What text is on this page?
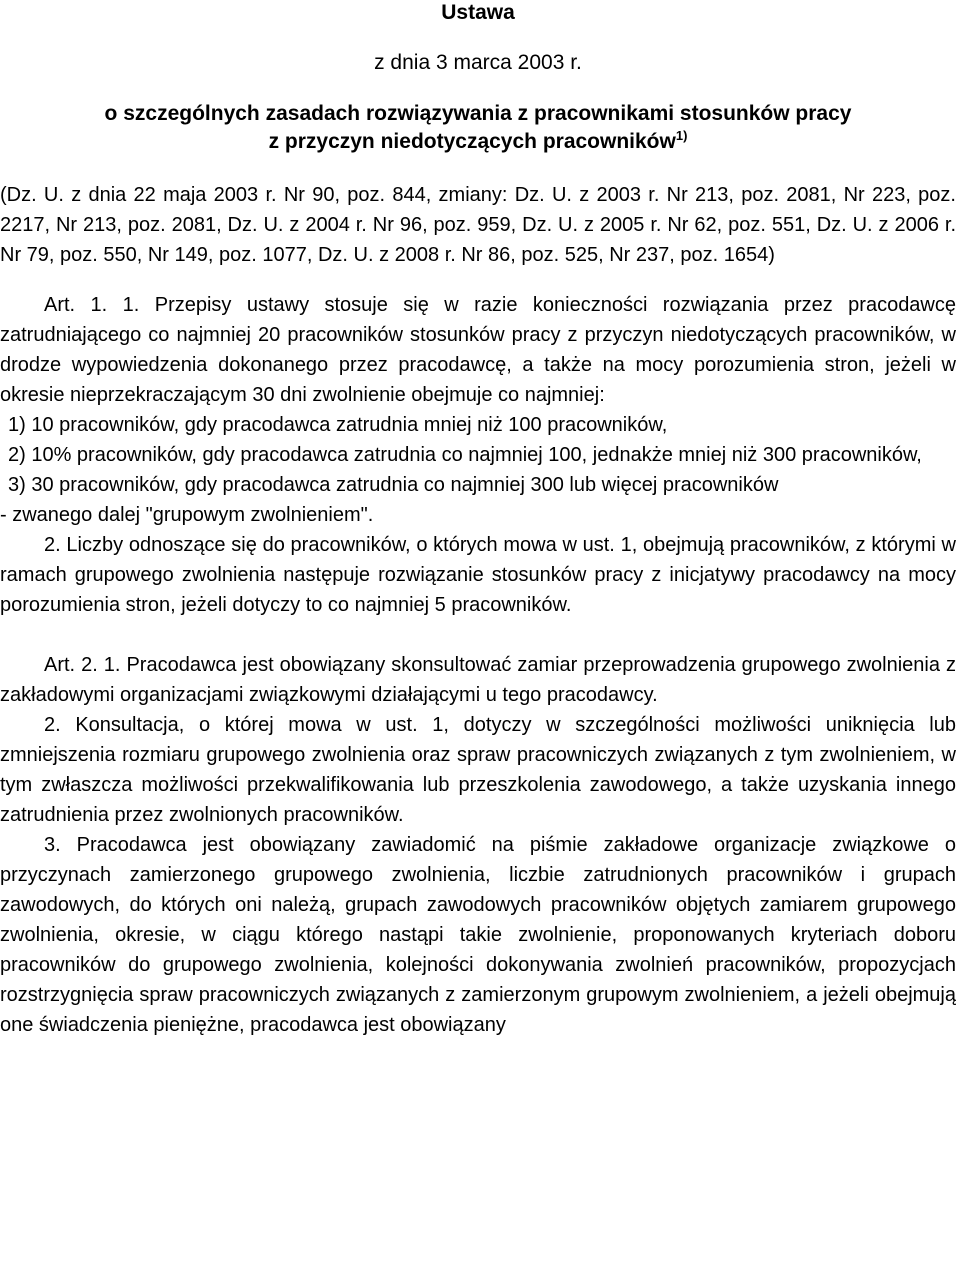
Ustawa
z dnia 3 marca 2003 r.
o szczególnych zasadach rozwiązywania z pracownikami stosunków pracy
z przyczyn niedotyczących pracowników$^{1)}$

(Dz. U. z dnia 22 maja 2003 r. Nr 90, poz. 844, zmiany: Dz. U. z 2003 r. Nr 213, poz. 2081, Nr 223, poz. 2217, Nr 213, poz. 2081, Dz. U. z 2004 r. Nr 96, poz. 959, Dz. U. z 2005 r. Nr 62, poz. 551, Dz. U. z 2006 r. Nr 79, poz. 550, Nr 149, poz. 1077, Dz. U. z 2008 r. Nr 86, poz. 525, Nr 237, poz. 1654)

Art. 1. 1. Przepisy ustawy stosuje się w razie konieczności rozwiązania przez pracodawcę zatrudniającego co najmniej 20 pracowników stosunków pracy z przyczyn niedotyczących pracowników, w drodze wypowiedzenia dokonanego przez pracodawcę, a także na mocy porozumienia stron, jeżeli w okresie nieprzekraczającym 30 dni zwolnienie obejmuje co najmniej:

1) 10 pracowników, gdy pracodawca zatrudnia mniej niż 100 pracowników,

2) 10% pracowników, gdy pracodawca zatrudnia co najmniej 100, jednakże mniej niż 300 pracowników,

3) 30 pracowników, gdy pracodawca zatrudnia co najmniej 300 lub więcej pracowników

- zwanego dalej "grupowym zwolnieniem".

2. Liczby odnoszące się do pracowników, o których mowa w ust. 1, obejmują pracowników, z którymi w ramach grupowego zwolnienia następuje rozwiązanie stosunków pracy z inicjatywy pracodawcy na mocy porozumienia stron, jeżeli dotyczy to co najmniej 5 pracowników.

Art. 2. 1. Pracodawca jest obowiązany skonsultować zamiar przeprowadzenia grupowego zwolnienia z zakładowymi organizacjami związkowymi działającymi u tego pracodawcy.

2. Konsultacja, o której mowa w ust. 1, dotyczy w szczególności możliwości uniknięcia lub zmniejszenia rozmiaru grupowego zwolnienia oraz spraw pracowniczych związanych z tym zwolnieniem, w tym zwłaszcza możliwości przekwalifikowania lub przeszkolenia zawodowego, a także uzyskania innego zatrudnienia przez zwolnionych pracowników.

3. Pracodawca jest obowiązany zawiadomić na piśmie zakładowe organizacje związkowe o przyczynach zamierzonego grupowego zwolnienia, liczbie zatrudnionych pracowników i grupach zawodowych, do których oni należą, grupach zawodowych pracowników objętych zamiarem grupowego zwolnienia, okresie, w ciągu którego nastąpi takie zwolnienie, proponowanych kryteriach doboru pracowników do grupowego zwolnienia, kolejności dokonywania zwolnień pracowników, propozycjach rozstrzygnięcia spraw pracowniczych związanych z zamierzonym grupowym zwolnieniem, a jeżeli obejmują one świadczenia pieniężne, pracodawca jest obowiązany
